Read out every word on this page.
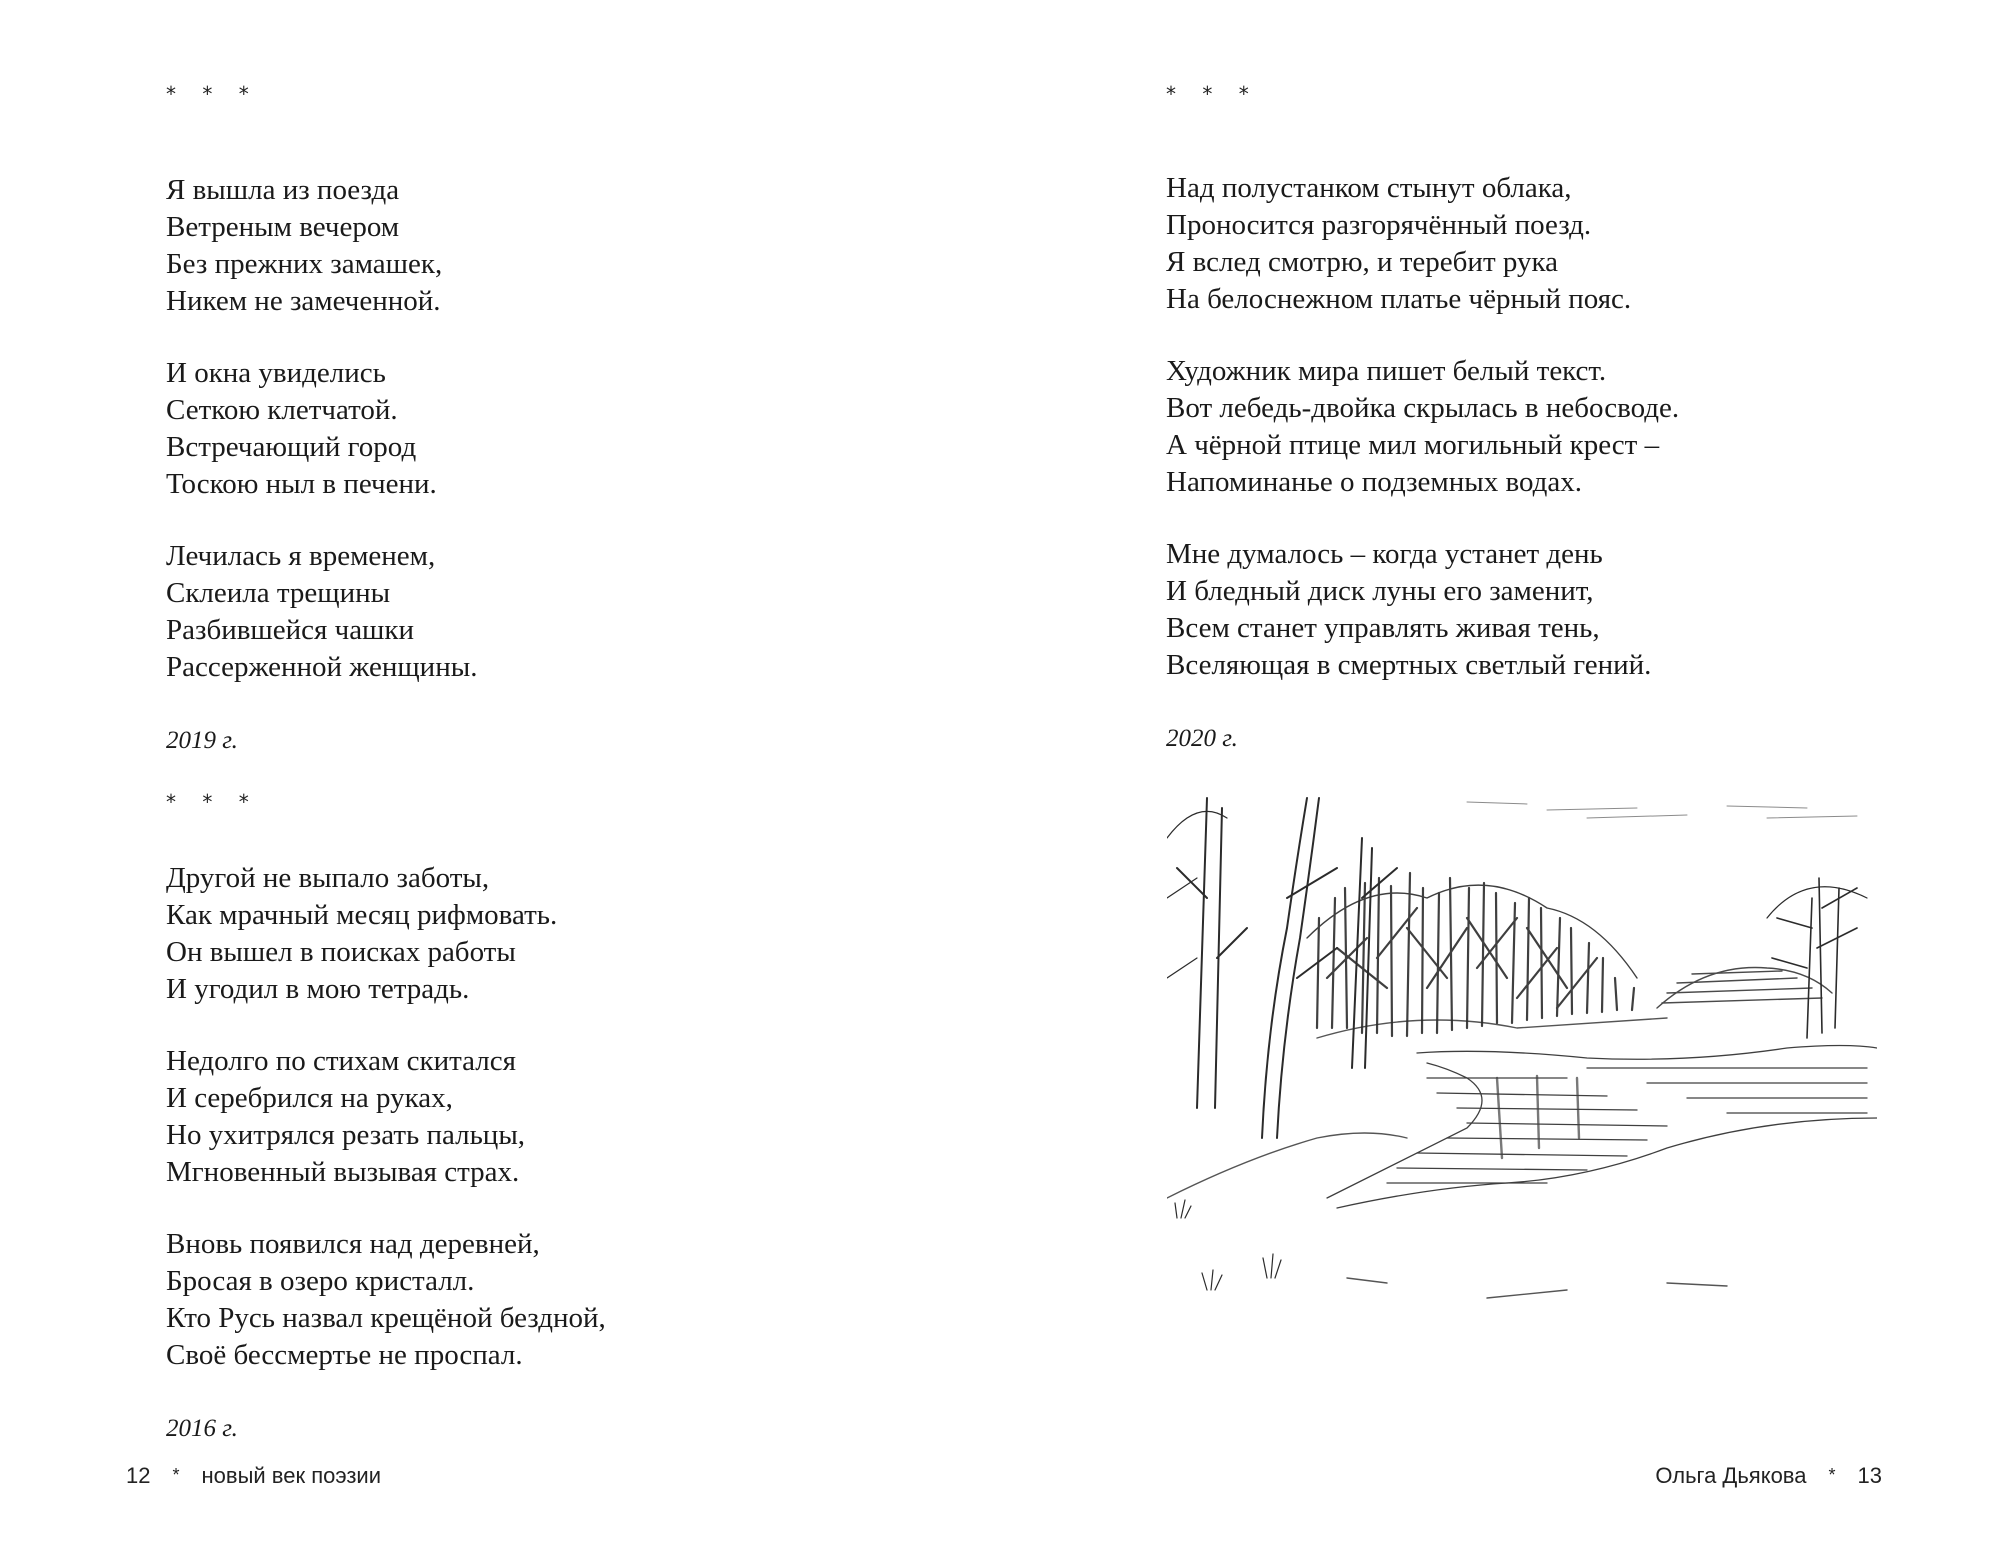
* * *
Я вышла из поезда
Ветреным вечером
Без прежних замашек,
Никем не замеченной.
И окна увиделись
Сеткою клетчатой.
Встречающий город
Тоскою ныл в печени.
Лечилась я временем,
Склеила трещины
Разбившейся чашки
Рассерженной женщины.
2019 г.
* * *
Другой не выпало заботы,
Как мрачный месяц рифмовать.
Он вышел в поисках работы
И угодил в мою тетрадь.
Недолго по стихам скитался
И серебрился на руках,
Но ухитрялся резать пальцы,
Мгновенный вызывая страх.
Вновь появился над деревней,
Бросая в озеро кристалл.
Кто Русь назвал крещёной бездной,
Своё бессмертье не проспал.
2016 г.
12 * новый век поэзии
* * *
Над полустанком стынут облака,
Проносится разгорячённый поезд.
Я вслед смотрю, и теребит рука
На белоснежном платье чёрный пояс.
Художник мира пишет белый текст.
Вот лебедь-двойка скрылась в небосводе.
А чёрной птице мил могильный крест –
Напоминанье о подземных водах.
Мне думалось – когда устанет день
И бледный диск луны его заменит,
Всем станет управлять живая тень,
Вселяющая в смертных светлый гений.
2020 г.
Ольга Дьякова * 13
